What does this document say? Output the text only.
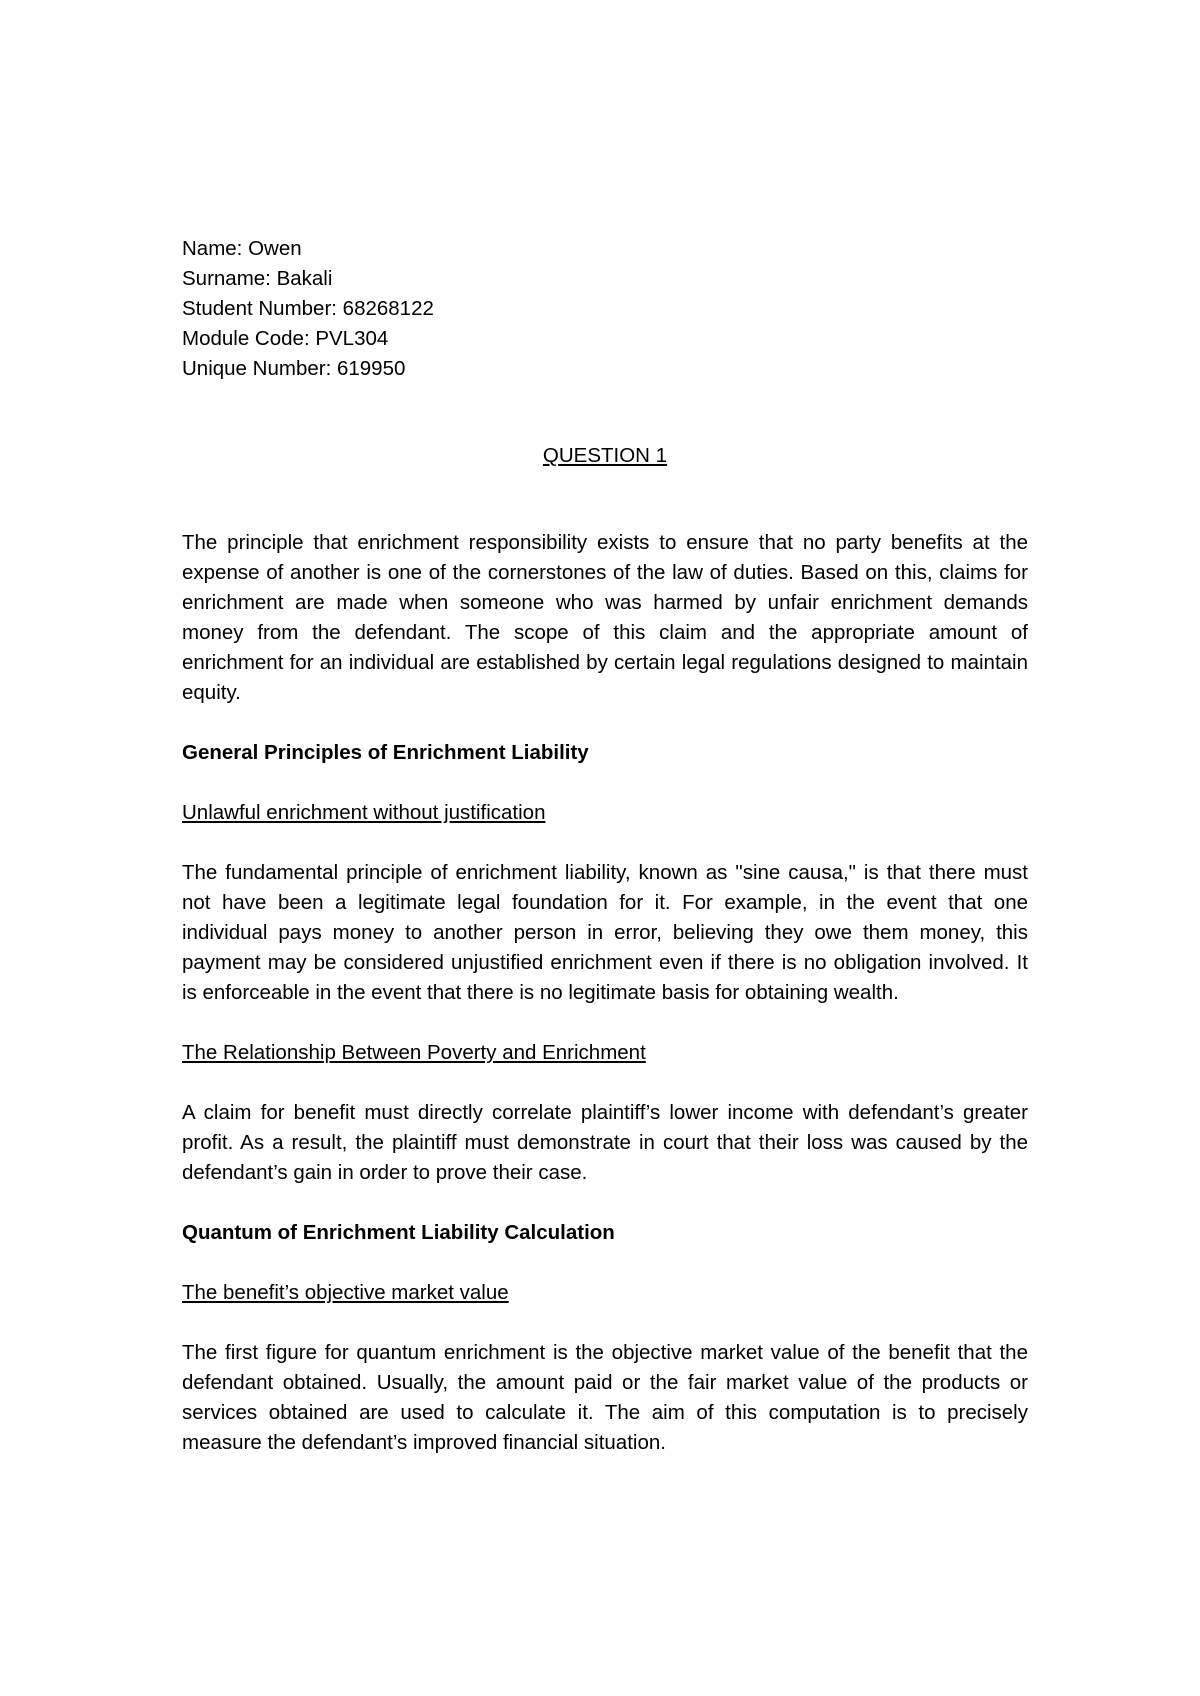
Name: Owen

Surname: Bakali

Student Number: 68268122

Module Code: PVL304

Unique Number: 619950

QUESTION 1

The principle that enrichment responsibility exists to ensure that no party benefits at the expense of another is one of the cornerstones of the law of duties. Based on this, claims for enrichment are made when someone who was harmed by unfair enrichment demands money from the defendant. The scope of this claim and the appropriate amount of enrichment for an individual are established by certain legal regulations designed to maintain equity.

General Principles of Enrichment Liability

Unlawful enrichment without justification

The fundamental principle of enrichment liability, known as "sine causa," is that there must not have been a legitimate legal foundation for it. For example, in the event that one individual pays money to another person in error, believing they owe them money, this payment may be considered unjustified enrichment even if there is no obligation involved. It is enforceable in the event that there is no legitimate basis for obtaining wealth.

The Relationship Between Poverty and Enrichment

A claim for benefit must directly correlate plaintiff’s lower income with defendant’s greater profit. As a result, the plaintiff must demonstrate in court that their loss was caused by the defendant’s gain in order to prove their case.

Quantum of Enrichment Liability Calculation

The benefit’s objective market value

The first figure for quantum enrichment is the objective market value of the benefit that the defendant obtained. Usually, the amount paid or the fair market value of the products or services obtained are used to calculate it. The aim of this computation is to precisely measure the defendant’s improved financial situation.
